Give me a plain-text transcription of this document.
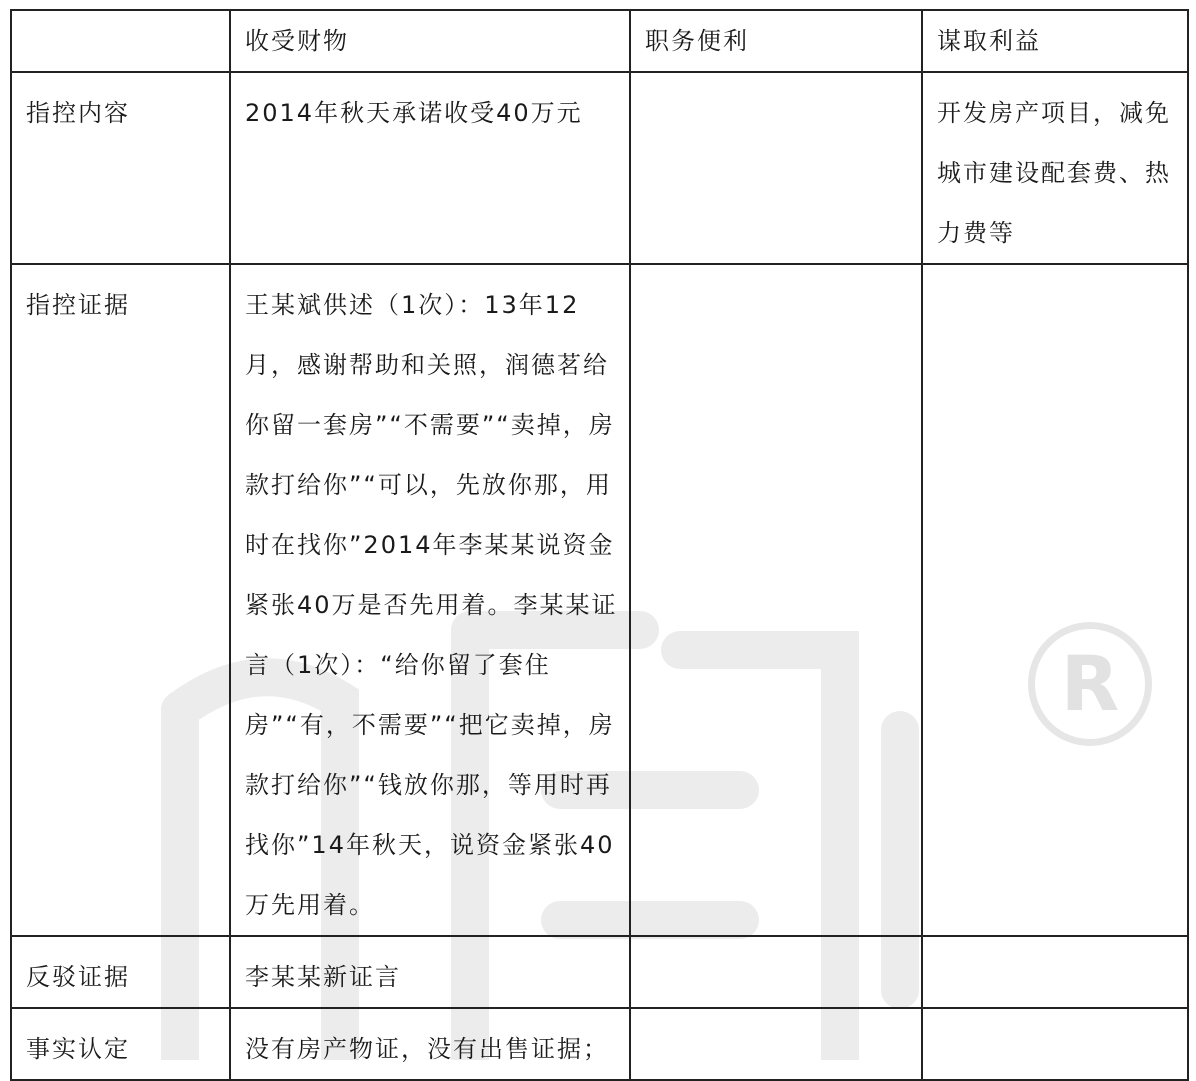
R
	收受财物	职务便利	谋取利益
指控内容	2014年秋天承诺收受40万元		开发房产项目，减免城市建设配套费、热力费等
指控证据	王某斌供述（1次）：13年12月，感谢帮助和关照，润德茗给你留一套房”“不需要”“卖掉，房款打给你”“可以，先放你那，用时在找你”2014年李某某说资金紧张40万是否先用着。李某某证言（1次）：“给你留了套住房”“有，不需要”“把它卖掉，房款打给你”“钱放你那，等用时再找你”14年秋天，说资金紧张40万先用着。		
反驳证据	李某某新证言		
事实认定	没有房产物证，没有出售证据；		
